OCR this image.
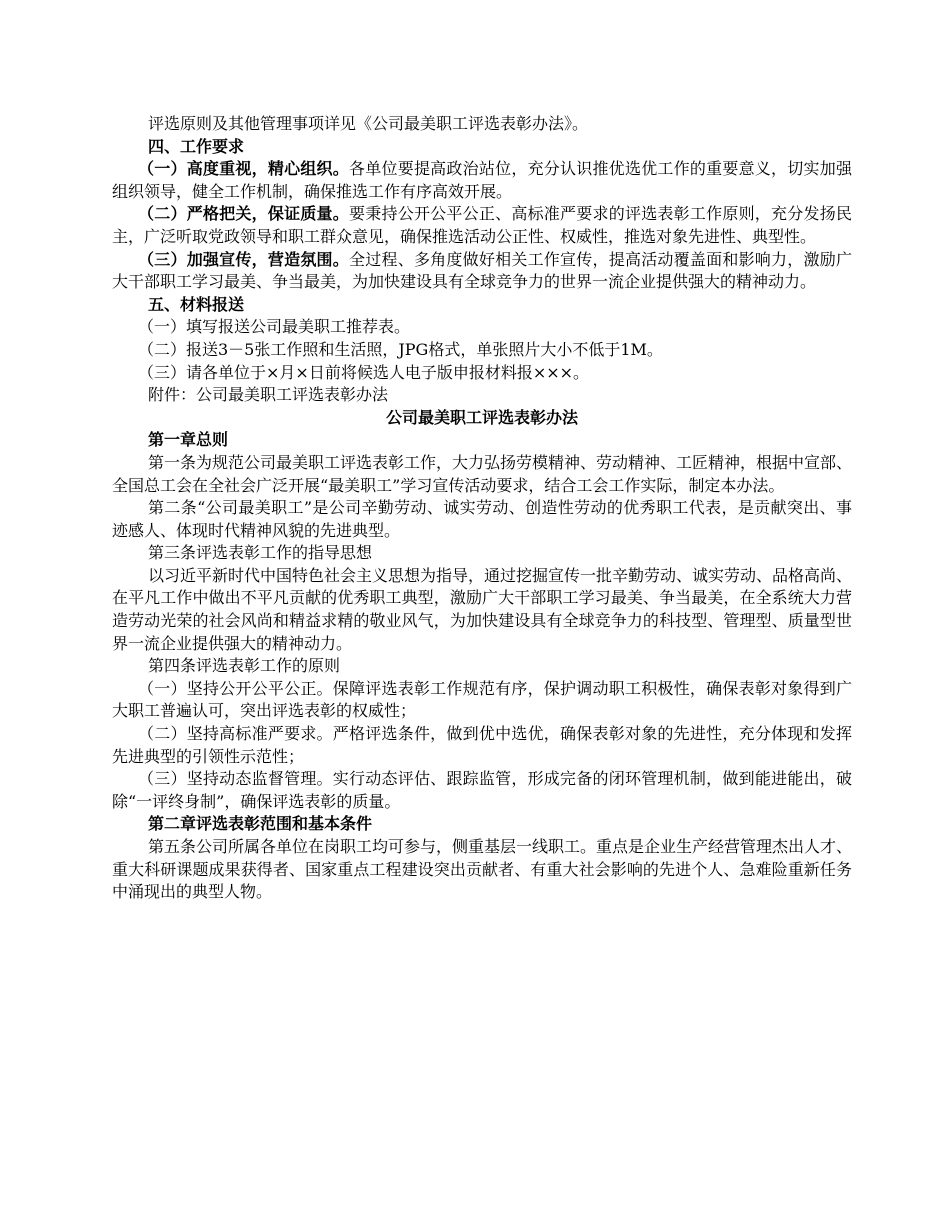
评选原则及其他管理事项详见《公司最美职工评选表彰办法》。

四、工作要求

（一）高度重视，精心组织。各单位要提高政治站位，充分认识推优选优工作的重要意义，切实加强组织领导，健全工作机制，确保推选工作有序高效开展。

（二）严格把关，保证质量。要秉持公开公平公正、高标准严要求的评选表彰工作原则，充分发扬民主，广泛听取党政领导和职工群众意见，确保推选活动公正性、权威性，推选对象先进性、典型性。

（三）加强宣传，营造氛围。全过程、多角度做好相关工作宣传，提高活动覆盖面和影响力，激励广大干部职工学习最美、争当最美，为加快建设具有全球竞争力的世界一流企业提供强大的精神动力。

五、材料报送

（一）填写报送公司最美职工推荐表。

（二）报送3－5张工作照和生活照，JPG格式，单张照片大小不低于1M。

（三）请各单位于×月×日前将候选人电子版申报材料报×××。

附件：公司最美职工评选表彰办法

公司最美职工评选表彰办法

第一章总则

第一条为规范公司最美职工评选表彰工作，大力弘扬劳模精神、劳动精神、工匠精神，根据中宣部、全国总工会在全社会广泛开展“最美职工”学习宣传活动要求，结合工会工作实际，制定本办法。

第二条“公司最美职工”是公司辛勤劳动、诚实劳动、创造性劳动的优秀职工代表，是贡献突出、事迹感人、体现时代精神风貌的先进典型。

第三条评选表彰工作的指导思想

以习近平新时代中国特色社会主义思想为指导，通过挖掘宣传一批辛勤劳动、诚实劳动、品格高尚、在平凡工作中做出不平凡贡献的优秀职工典型，激励广大干部职工学习最美、争当最美，在全系统大力营造劳动光荣的社会风尚和精益求精的敬业风气，为加快建设具有全球竞争力的科技型、管理型、质量型世界一流企业提供强大的精神动力。

第四条评选表彰工作的原则

（一）坚持公开公平公正。保障评选表彰工作规范有序，保护调动职工积极性，确保表彰对象得到广大职工普遍认可，突出评选表彰的权威性；

（二）坚持高标准严要求。严格评选条件，做到优中选优，确保表彰对象的先进性，充分体现和发挥先进典型的引领性示范性；

（三）坚持动态监督管理。实行动态评估、跟踪监管，形成完备的闭环管理机制，做到能进能出，破除“一评终身制”，确保评选表彰的质量。

第二章评选表彰范围和基本条件

第五条公司所属各单位在岗职工均可参与，侧重基层一线职工。重点是企业生产经营管理杰出人才、重大科研课题成果获得者、国家重点工程建设突出贡献者、有重大社会影响的先进个人、急难险重新任务中涌现出的典型人物。
